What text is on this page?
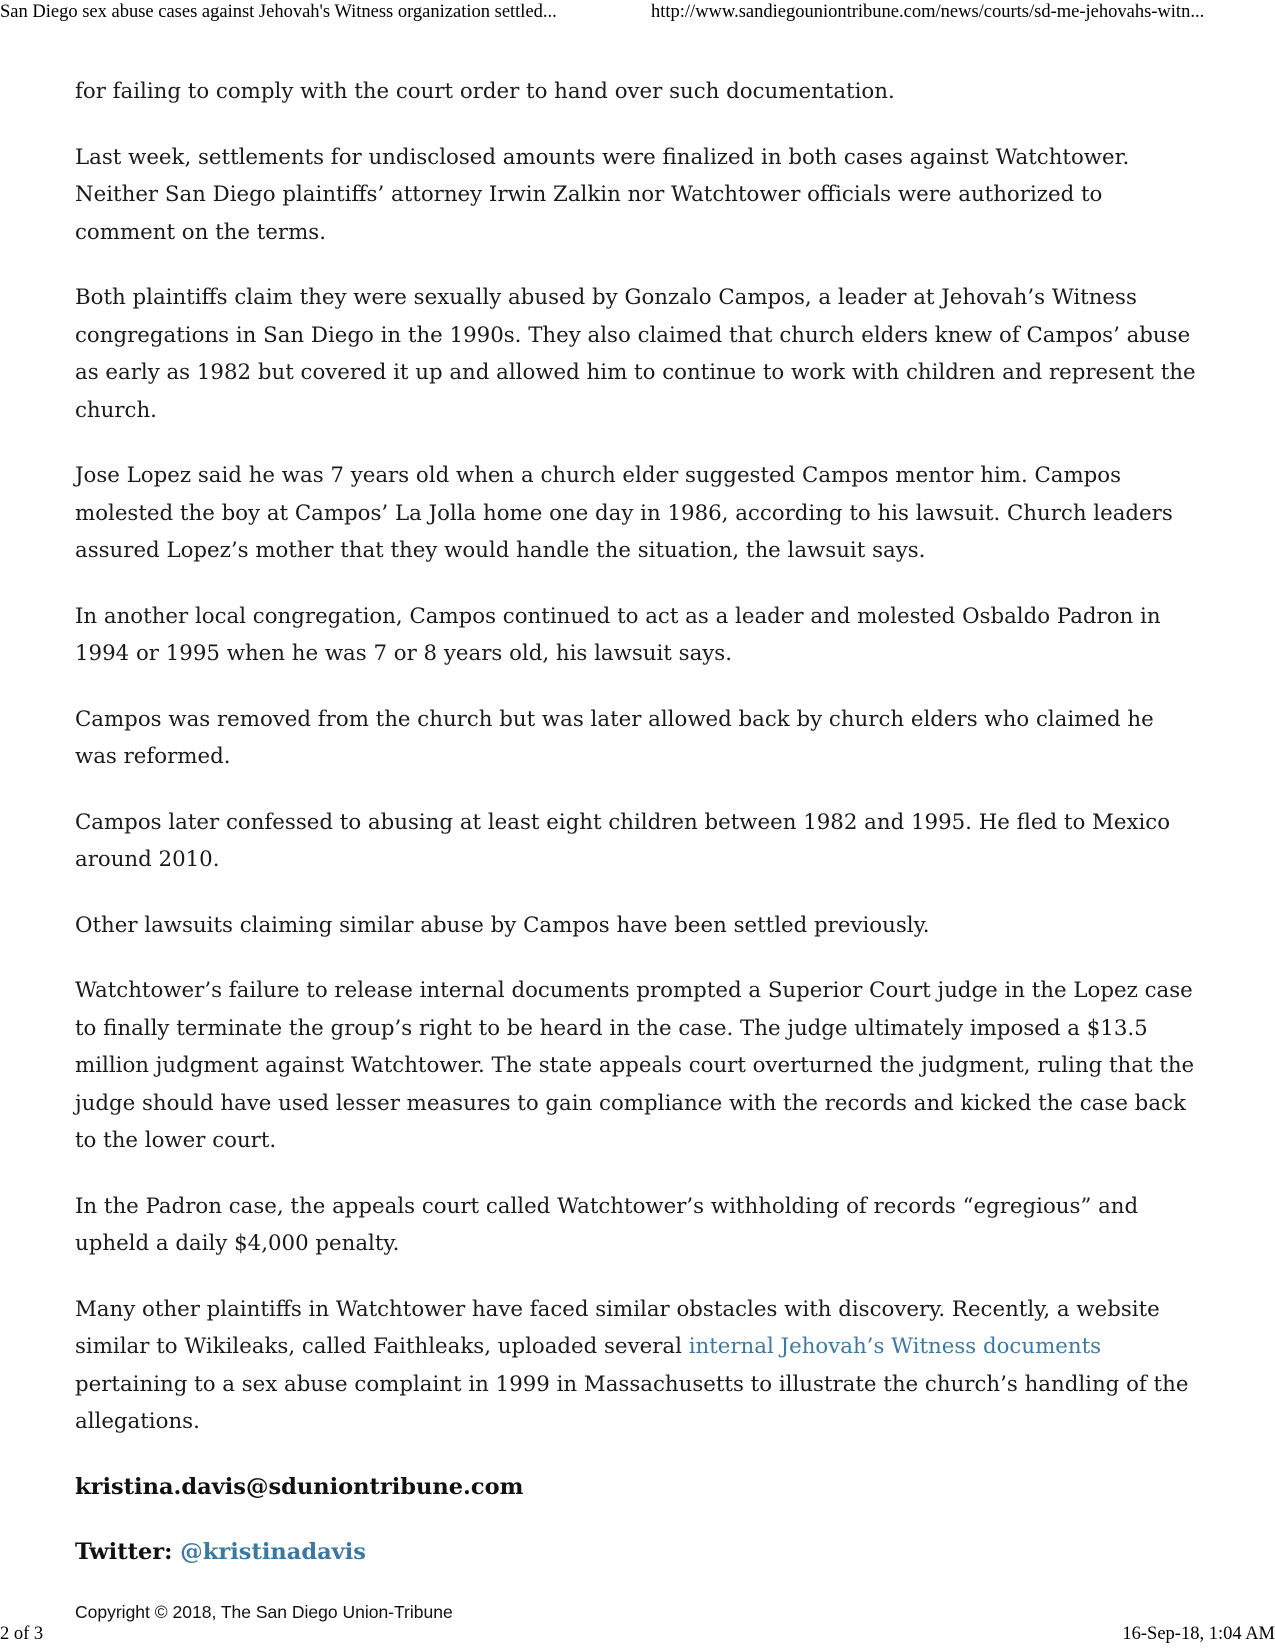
San Diego sex abuse cases against Jehovah's Witness organization settled...	http://www.sandiegouniontribune.com/news/courts/sd-me-jehovahs-witn...

for failing to comply with the court order to hand over such documentation.

Last week, settlements for undisclosed amounts were finalized in both cases against Watchtower. Neither San Diego plaintiffs’ attorney Irwin Zalkin nor Watchtower officials were authorized to comment on the terms.

Both plaintiffs claim they were sexually abused by Gonzalo Campos, a leader at Jehovah’s Witness congregations in San Diego in the 1990s. They also claimed that church elders knew of Campos’ abuse as early as 1982 but covered it up and allowed him to continue to work with children and represent the church.

Jose Lopez said he was 7 years old when a church elder suggested Campos mentor him. Campos molested the boy at Campos’ La Jolla home one day in 1986, according to his lawsuit. Church leaders assured Lopez’s mother that they would handle the situation, the lawsuit says.

In another local congregation, Campos continued to act as a leader and molested Osbaldo Padron in 1994 or 1995 when he was 7 or 8 years old, his lawsuit says.

Campos was removed from the church but was later allowed back by church elders who claimed he was reformed.

Campos later confessed to abusing at least eight children between 1982 and 1995. He fled to Mexico around 2010.

Other lawsuits claiming similar abuse by Campos have been settled previously.

Watchtower’s failure to release internal documents prompted a Superior Court judge in the Lopez case to finally terminate the group’s right to be heard in the case. The judge ultimately imposed a $13.5 million judgment against Watchtower. The state appeals court overturned the judgment, ruling that the judge should have used lesser measures to gain compliance with the records and kicked the case back to the lower court.

In the Padron case, the appeals court called Watchtower’s withholding of records “egregious” and upheld a daily $4,000 penalty.

Many other plaintiffs in Watchtower have faced similar obstacles with discovery. Recently, a website similar to Wikileaks, called Faithleaks, uploaded several internal Jehovah’s Witness documents pertaining to a sex abuse complaint in 1999 in Massachusetts to illustrate the church’s handling of the allegations.

kristina.davis@sduniontribune.com

Twitter: @kristinadavis

Copyright © 2018, The San Diego Union-Tribune

2 of 3	16-Sep-18, 1:04 AM
